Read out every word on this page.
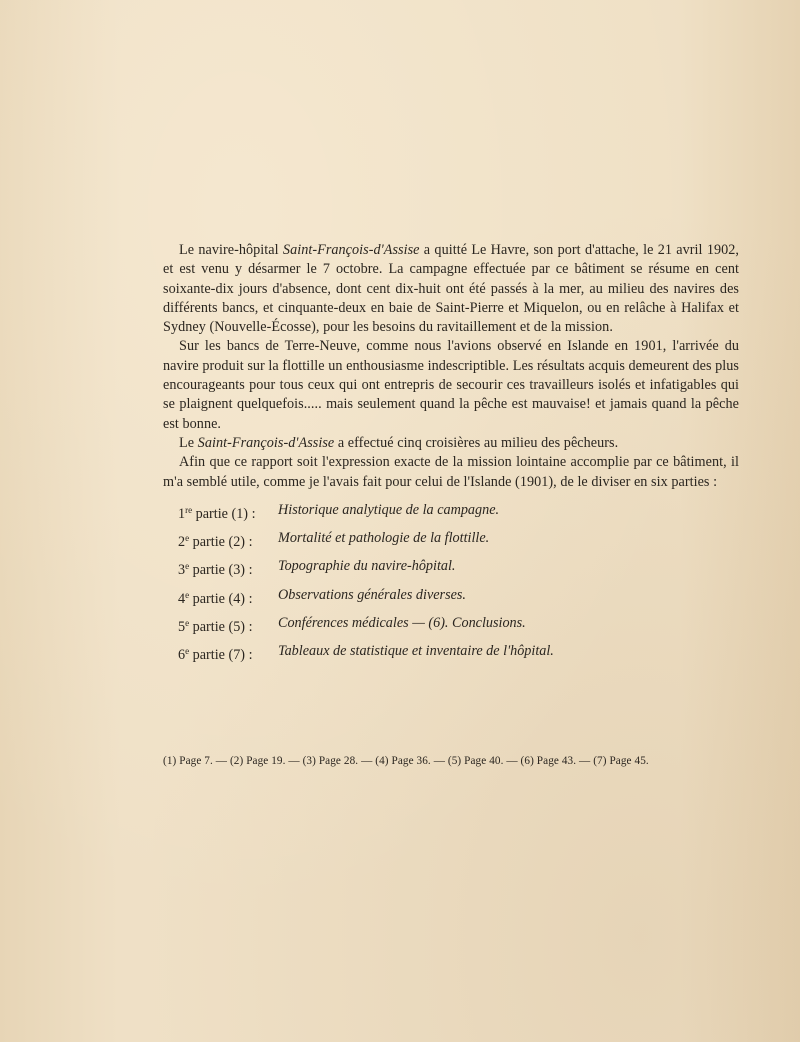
Le navire-hôpital Saint-François-d'Assise a quitté Le Havre, son port d'attache, le 21 avril 1902, et est venu y désarmer le 7 octobre. La campagne effectuée par ce bâtiment se résume en cent soixante-dix jours d'absence, dont cent dix-huit ont été passés à la mer, au milieu des navires des différents bancs, et cinquante-deux en baie de Saint-Pierre et Miquelon, ou en relâche à Halifax et Sydney (Nouvelle-Écosse), pour les besoins du ravitaillement et de la mission.

Sur les bancs de Terre-Neuve, comme nous l'avions observé en Islande en 1901, l'arrivée du navire produit sur la flottille un enthousiasme indescriptible. Les résultats acquis demeurent des plus encourageants pour tous ceux qui ont entrepris de secourir ces travailleurs isolés et infatigables qui se plaignent quelquefois..... mais seulement quand la pêche est mauvaise! et jamais quand la pêche est bonne.

Le Saint-François-d'Assise a effectué cinq croisières au milieu des pêcheurs.

Afin que ce rapport soit l'expression exacte de la mission lointaine accomplie par ce bâtiment, il m'a semblé utile, comme je l'avais fait pour celui de l'Islande (1901), de le diviser en six parties :

1re partie (1) :	Historique analytique de la campagne.
2e partie (2) :	Mortalité et pathologie de la flottille.
3e partie (3) :	Topographie du navire-hôpital.
4e partie (4) :	Observations générales diverses.
5e partie (5) :	Conférences médicales — (6). Conclusions.
6e partie (7) :	Tableaux de statistique et inventaire de l'hôpital.
(1) Page 7. — (2) Page 19. — (3) Page 28. — (4) Page 36. — (5) Page 40. — (6) Page 43. — (7) Page 45.
